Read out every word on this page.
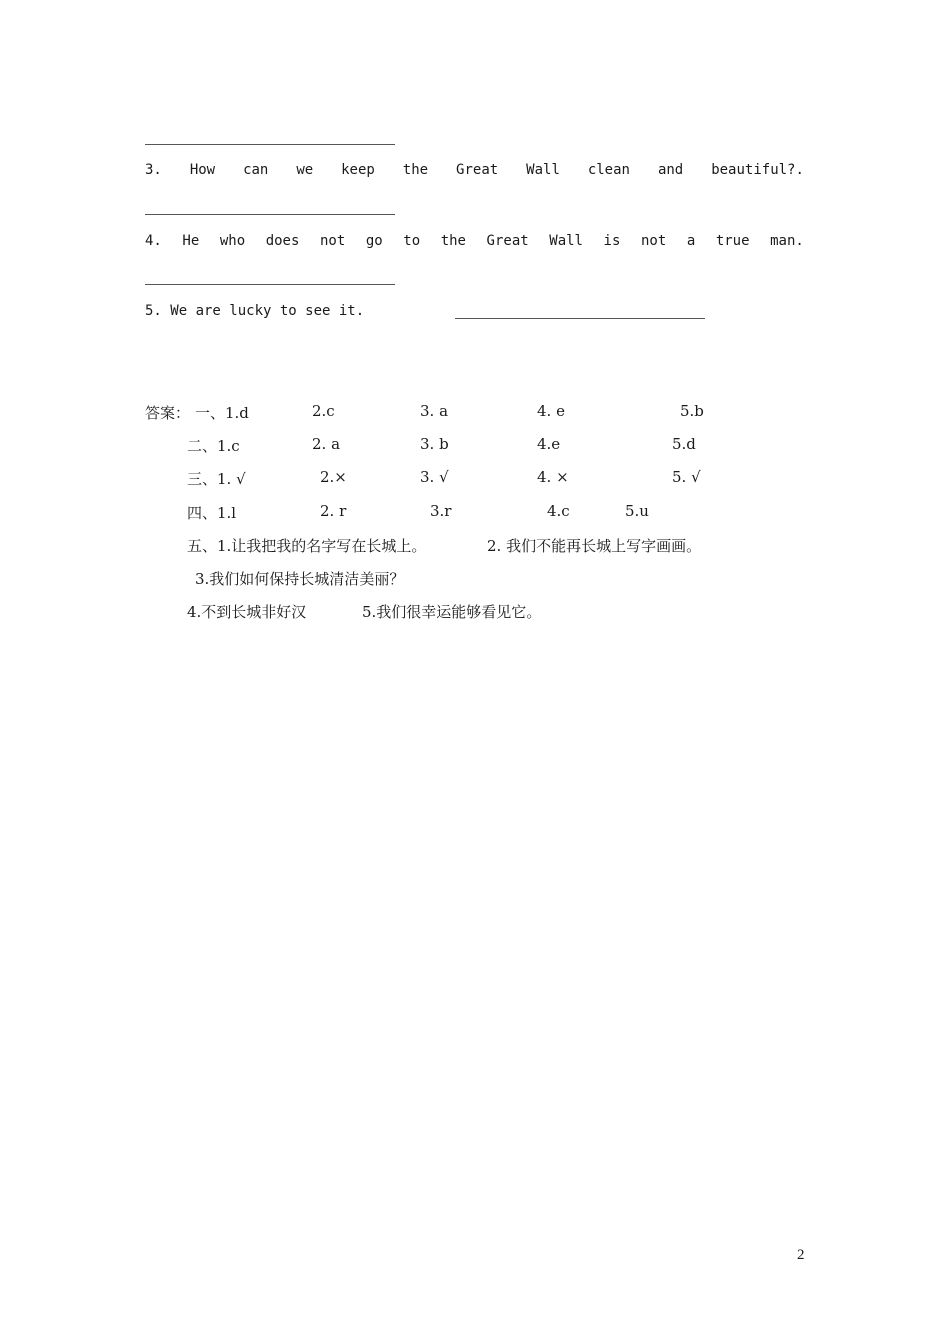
3. How can we keep the Great Wall clean and beautiful?.
4. He who does not go to the Great Wall is not a true man.
5. We are lucky to see it.
答案： 一、1.d	2.c	3. a	4. e	5.b
二、1.c	2. a	3. b	4.e	5.d
三、1. √	2.×	3. √	4. ×	5. √
四、1.l	2. r	3.r	4.c	5.u
五、1.让我把我的名字写在长城上。	2. 我们不能再长城上写字画画。
3.我们如何保持长城清洁美丽？
4.不到长城非好汉	5.我们很幸运能够看见它。
2
